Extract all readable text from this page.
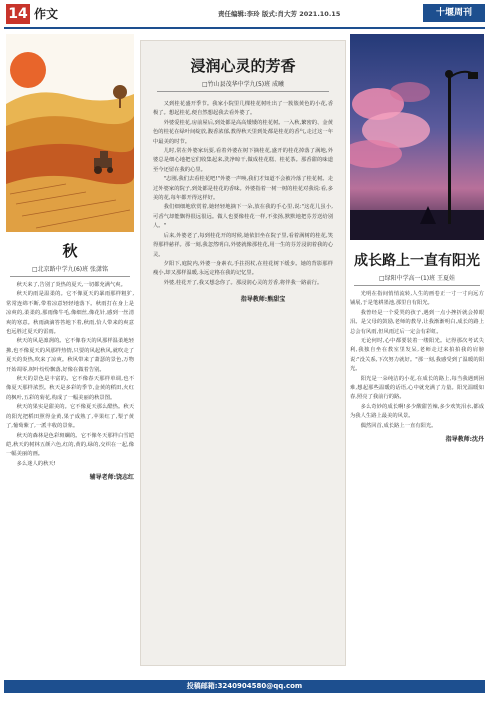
14 作文	责任编辑:李玲 版式:肖大芳 2021.10.15	十堰周刊
秋
□北京路中学九(6)班 张潇铭

秋天来了,告别了炎热的夏天,一切都充满气爽。

秋天的雨是温柔的。它不像夏天的暴雨那样粗犷,常常连绵不断,带着凉意轻轻地落下。秋雨打在身上是凉爽的,柔柔的,那雨像牛毛,像细丝,像花针,感到一丝清爽的寒意。秋雨滴滴答答地下着,秋雨,恰人带来的爽意也远胜过夏天的雷雨。

秋天的风是凛冽的。它不像春天的风那样温柔地轻拂,也不像夏天的风那样热情,只要的风起秋风,就吹走了夏天的炎热,吹来了凉爽。秋风带来了萧瑟的景色,万物开始凋零,树叶纷纷飘落,好像在做着告别。

秋天的景色是丰富的。它不像春天那样单调,也不像夏天那样浓烈。秋天是多彩的季节,金黄的稻田,火红的枫叶,五彩的菊花,构成了一幅美丽的秋景图。

秋天的果实是甜美的。它不像夏天那么酷热。秋天的阳光把稻田照得金黄,果子成熟了,苹果红了,梨子黄了,葡萄紫了,一派丰收的景象。

秋天的森林是色彩斑斓的。它不像冬天那样白雪皑皑,秋天的树林五颜六色,红的,黄的,绿的,交织在一起,像一幅美丽的画。

多么迷人的秋天!

辅导老师:饶志红
浸润心灵的芳香
□竹山县茂华中学九(5)班 成曦

又到桂花盛开季节。我家小院里几棵桂花树吐出了一簇簇黄色的小花,香极了。想起桂花,便自然想起我去看外婆了。

外婆爱桂花,房前屋后,到处都是高高矮矮的桂花树。一入秋,繁密的、金黄色的桂花在绿叶间绽放,馥香浓郁,教得秋天里到处都是桂花的香气,走过这一年中最美的时节。

儿时,常在外婆家玩耍,看着外婆在树下摘桂花,盛开的桂花掉落了满地,外婆总是细心地把它们收集起来,洗净晾干,做成桂花糕、桂花茶。那香甜的味道至今还留在我的心里。

"志刚,我们去看桂花吧!"外婆一声唤,我们才知道不会被冷落了桂花树。走过外婆家的院子,到处都是桂花的香味。外婆指着一树一树的桂花对我说:看,多美的花,每年都开得这样好。

我们细细地欣赏着,她轻轻地摘下一朵,放在我的手心里,说:"这花儿虽小,可香气却能飘得很远很远。做人也要像桂花一样,不张扬,默默地把芬芳送给别人。"

后来,外婆老了,每到桂花开的时候,她依旧坐在院子里,看着满树的桂花,笑得那样慈祥。那一刻,我忽然明白,外婆就像那桂花,用一生的芬芳浸润着我的心灵。

夕阳下,庭院内,外婆一身素衣,手拄拐杖,在桂花树下缓步。她的背影那样瘦小,却又那样温暖,永远定格在我的记忆里。

外婆,桂花开了,我又想念你了。那浸润心灵的芳香,将伴我一路前行。

指导教师:熊甜宝
成长路上一直有阳光
□绿阳中学高一(1)班 王夏娃

光明在指间悄悄流转,人生的画卷正一寸一寸向远方铺展,于是笔耕墨池,那里自有阳光。

我曾经是一个爱哭的孩子,遇到一点小挫折就会掉眼泪。是父母的鼓励,老师的教导,让我渐渐明白,成长的路上总会有风雨,但风雨过后一定会有彩虹。

无论何时,心中都要装着一缕阳光。记得那次考试失利,我独自坐在教室里发呆,老师走过来拍拍我的肩膀说:"没关系,下次努力就好。"那一刻,我感受到了温暖的阳光。

阳光是一朵纯洁的小花,在成长的路上,每当我遇到困难,想起那些温暖的话语,心中就充满了力量。阳光温暖如春,照亮了我前行的路。

多么奇妙的成长啊!多少酸甜苦辣,多少欢笑泪水,都成为我人生路上最美的风景。

偶然回首,成长路上一直有阳光。

指导教师:沈丹
投稿邮箱:3240904580@qq.com
